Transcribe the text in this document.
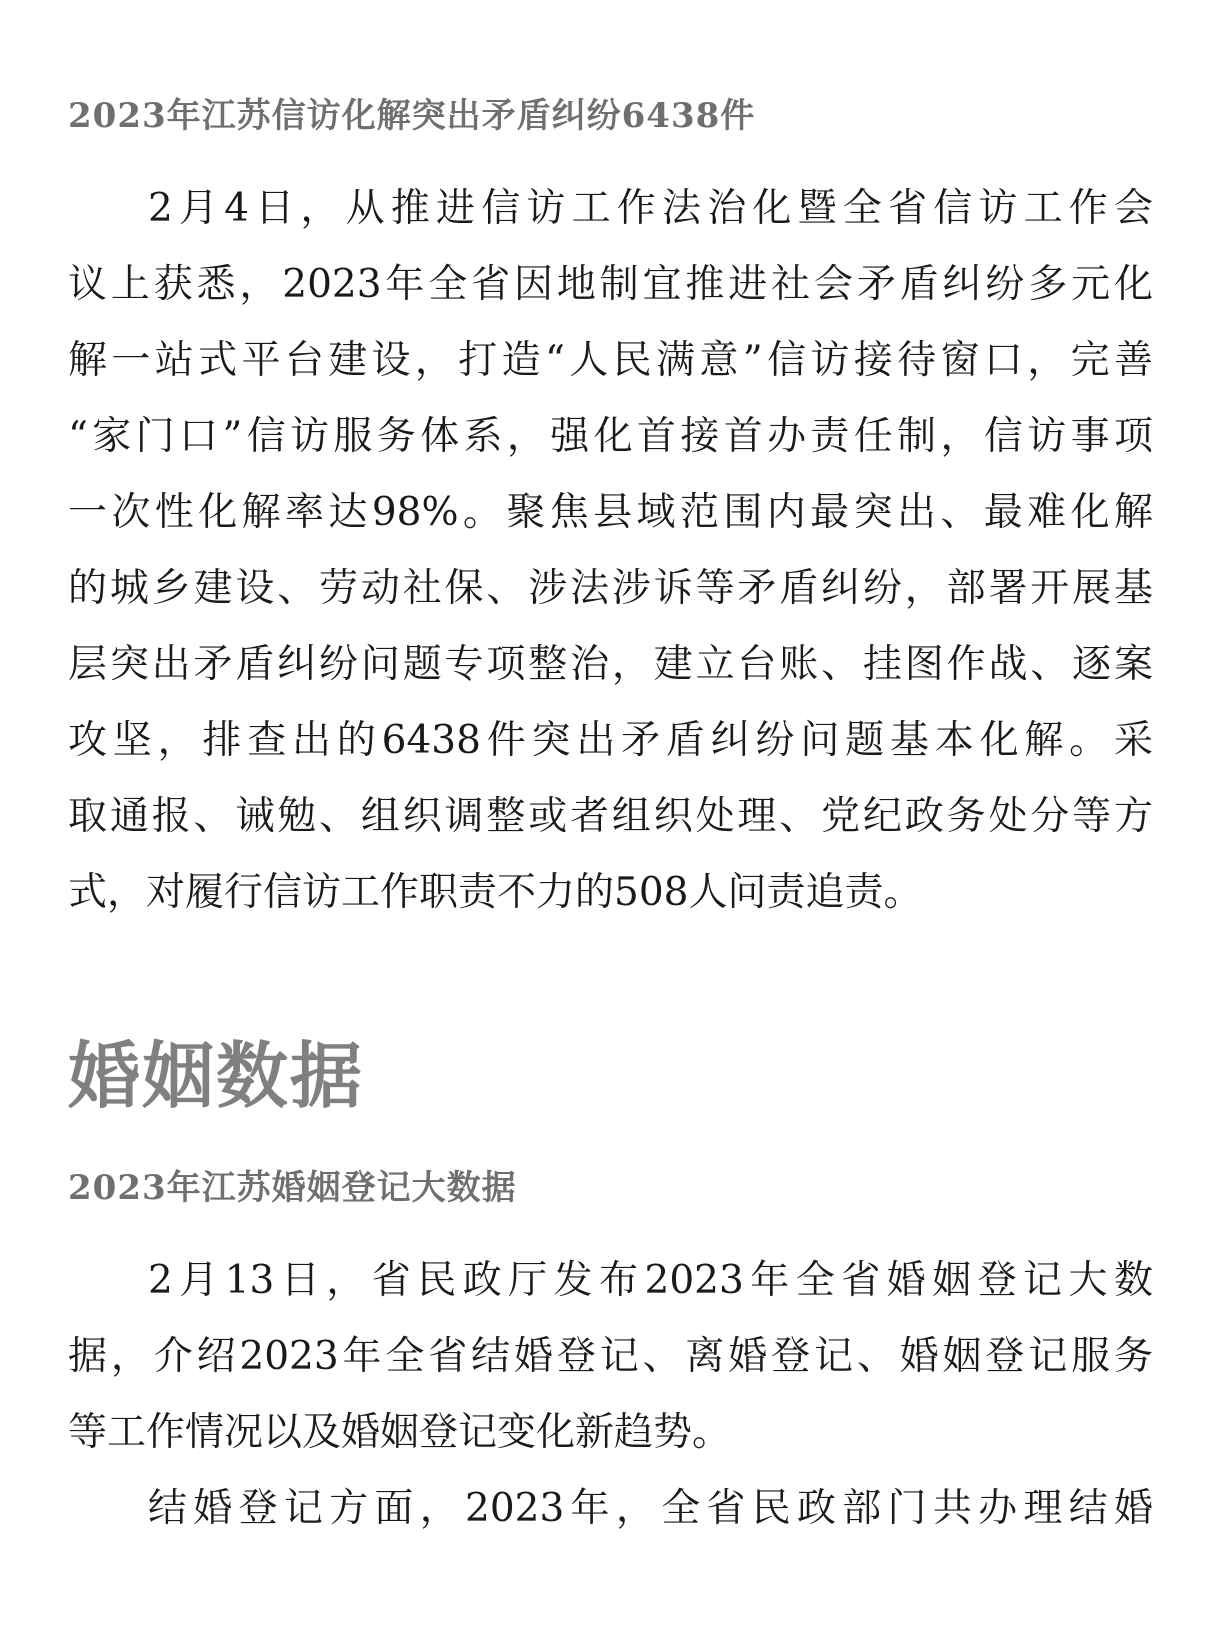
2023年江苏信访化解突出矛盾纠纷6438件
2月4日，从推进信访工作法治化暨全省信访工作会
议上获悉，2023年全省因地制宜推进社会矛盾纠纷多元化
解一站式平台建设，打造“人民满意”信访接待窗口，完善
“家门口”信访服务体系，强化首接首办责任制，信访事项
一次性化解率达98%。聚焦县域范围内最突出、最难化解
的城乡建设、劳动社保、涉法涉诉等矛盾纠纷，部署开展基
层突出矛盾纠纷问题专项整治，建立台账、挂图作战、逐案
攻坚，排查出的6438件突出矛盾纠纷问题基本化解。采
取通报、诫勉、组织调整或者组织处理、党纪政务处分等方
式，对履行信访工作职责不力的508人问责追责。
婚姻数据
2023年江苏婚姻登记大数据
2月13日，省民政厅发布2023年全省婚姻登记大数
据，介绍2023年全省结婚登记、离婚登记、婚姻登记服务
等工作情况以及婚姻登记变化新趋势。
结婚登记方面，2023年，全省民政部门共办理结婚
